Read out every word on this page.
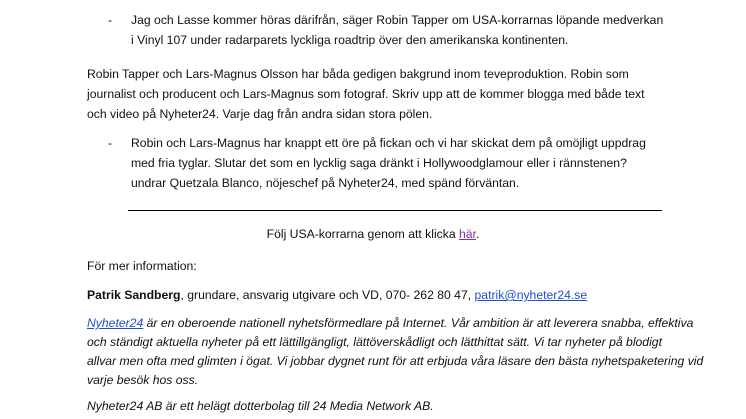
- Jag och Lasse kommer höras därifrån, säger Robin Tapper om USA-korrarnas löpande medverkan
i Vinyl 107 under radarparets lyckliga roadtrip över den amerikanska kontinenten.
Robin Tapper och Lars-Magnus Olsson har båda gedigen bakgrund inom teveproduktion. Robin som
journalist och producent och Lars-Magnus som fotograf. Skriv upp att de kommer blogga med både text
och video på Nyheter24. Varje dag från andra sidan stora pölen.
- Robin och Lars-Magnus har knappt ett öre på fickan och vi har skickat dem på omöjligt uppdrag
med fria tyglar. Slutar det som en lycklig saga dränkt i Hollywoodglamour eller i rännstenen?
undrar Quetzala Blanco, nöjeschef på Nyheter24, med spänd förväntan.
Följ USA-korrarna genom att klicka här.
För mer information:
Patrik Sandberg, grundare, ansvarig utgivare och VD, 070- 262 80 47, patrik@nyheter24.se
Nyheter24 är en oberoende nationell nyhetsförmedlare på Internet. Vår ambition är att leverera snabba, effektiva
och ständigt aktuella nyheter på ett lättillgängligt, lättöverskådligt och lätthittat sätt. Vi tar nyheter på blodigt
allvar men ofta med glimten i ögat. Vi jobbar dygnet runt för att erbjuda våra läsare den bästa nyhetspaketering vid
varje besök hos oss.
Nyheter24 AB är ett helägt dotterbolag till 24 Media Network AB.
